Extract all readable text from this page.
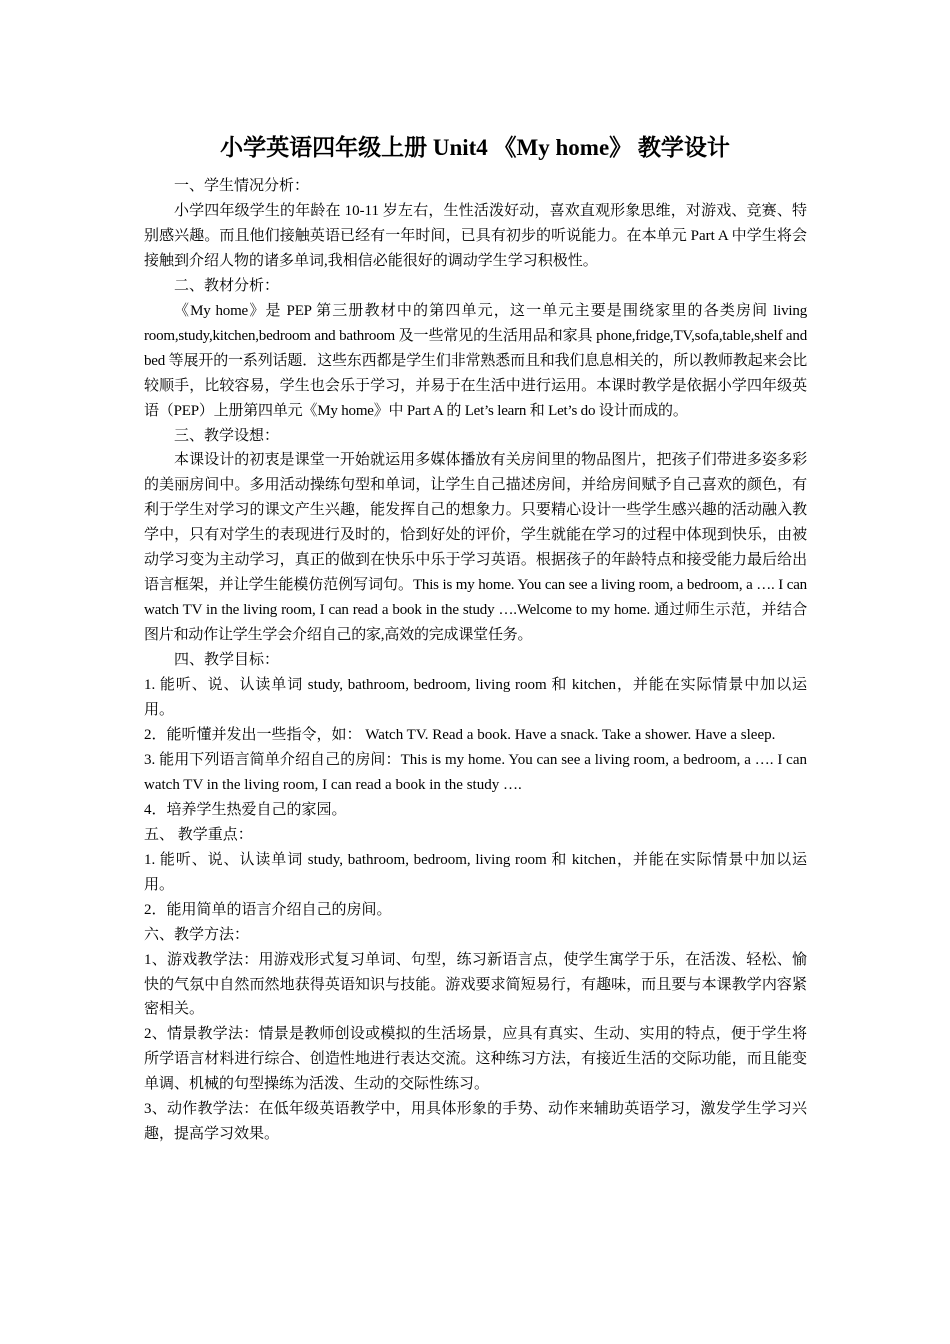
小学英语四年级上册 Unit4 《My home》 教学设计

一、学生情况分析：

小学四年级学生的年龄在 10-11 岁左右，生性活泼好动，喜欢直观形象思维，对游戏、竞赛、特别感兴趣。而且他们接触英语已经有一年时间，已具有初步的听说能力。在本单元 Part A 中学生将会接触到介绍人物的诸多单词,我相信必能很好的调动学生学习积极性。

二、教材分析：

《My home》是 PEP 第三册教材中的第四单元，这一单元主要是围绕家里的各类房间 living room,study,kitchen,bedroom and bathroom 及一些常见的生活用品和家具 phone,fridge,TV,sofa,table,shelf and bed 等展开的一系列话题．这些东西都是学生们非常熟悉而且和我们息息相关的，所以教师教起来会比较顺手，比较容易，学生也会乐于学习，并易于在生活中进行运用。本课时教学是依据小学四年级英语（PEP）上册第四单元《My home》中 Part A 的 Let’s learn 和 Let’s do 设计而成的。

三、教学设想：

本课设计的初衷是课堂一开始就运用多媒体播放有关房间里的物品图片，把孩子们带进多姿多彩的美丽房间中。多用活动操练句型和单词，让学生自己描述房间，并给房间赋予自己喜欢的颜色，有利于学生对学习的课文产生兴趣，能发挥自己的想象力。只要精心设计一些学生感兴趣的活动融入教学中，只有对学生的表现进行及时的，恰到好处的评价，学生就能在学习的过程中体现到快乐，由被动学习变为主动学习，真正的做到在快乐中乐于学习英语。根据孩子的年龄特点和接受能力最后给出语言框架，并让学生能模仿范例写词句。This is my home. You can see a living room, a bedroom, a …. I can watch TV in the living room, I can read a book in the study ….Welcome to my home. 通过师生示范，并结合图片和动作让学生学会介绍自己的家,高效的完成课堂任务。

四、教学目标：

1. 能听、说、认读单词 study, bathroom, bedroom, living room 和 kitchen，并能在实际情景中加以运用。

2．能听懂并发出一些指令，如： Watch TV. Read a book. Have a snack. Take a shower. Have a sleep.

3. 能用下列语言简单介绍自己的房间：This is my home. You can see a living room, a bedroom, a …. I can watch TV in the living room, I can read a book in the study ….

4．培养学生热爱自己的家园。

五、 教学重点：

1. 能听、说、认读单词 study, bathroom, bedroom, living room 和 kitchen，并能在实际情景中加以运用。

2．能用简单的语言介绍自己的房间。

六、教学方法：

1、游戏教学法：用游戏形式复习单词、句型，练习新语言点，使学生寓学于乐，在活泼、轻松、愉快的气氛中自然而然地获得英语知识与技能。游戏要求简短易行，有趣味，而且要与本课教学内容紧密相关。

2、情景教学法：情景是教师创设或模拟的生活场景，应具有真实、生动、实用的特点，便于学生将所学语言材料进行综合、创造性地进行表达交流。这种练习方法，有接近生活的交际功能，而且能变单调、机械的句型操练为活泼、生动的交际性练习。

3、动作教学法：在低年级英语教学中，用具体形象的手势、动作来辅助英语学习，激发学生学习兴趣，提高学习效果。
